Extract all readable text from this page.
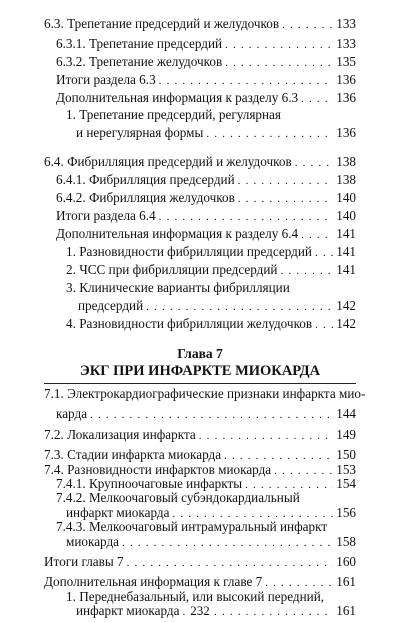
6.3. Трепетание предсердий и желудочков . . .	133
6.3.1. Трепетание предсердий . . .	133
6.3.2. Трепетание желудочков . . .	135
Итоги раздела 6.3 . . .	136
Дополнительная информация к разделу 6.3 . . .	136
1. Трепетание предсердий, регулярная
и нерегулярная формы . . .	136
6.4. Фибрилляция предсердий и желудочков . . .	138
6.4.1. Фибрилляция предсердий . . .	138
6.4.2. Фибрилляция желудочков . . .	140
Итоги раздела 6.4 . . .	140
Дополнительная информация к разделу 6.4 . . .	141
1. Разновидности фибрилляции предсердий . . . 141
2. ЧСС при фибрилляции предсердий . . .	141
3. Клинические варианты фибрилляции
предсердий . . .	142
4. Разновидности фибрилляции желудочков . . . 142
Глава 7
ЭКГ ПРИ ИНФАРКТЕ МИОКАРДА
7.1. Электрокардиографические признаки инфаркта мио-
карда . . .	144
7.2. Локализация инфаркта . . .	149
7.3. Стадии инфаркта миокарда . . .	150
7.4. Разновидности инфарктов миокарда . . .	153
7.4.1. Крупноочаговые инфаркты . . .	154
7.4.2. Мелкоочаговый субэндокардиальный
инфаркт миокарда . . .	156
7.4.3. Мелкоочаговый интрамуральный инфаркт
миокарда . . .	158
Итоги главы 7 . . .	160
Дополнительная информация к главе 7 . . .	161
1. Переднебазальный, или высокий передний,
инфаркт миокарда . . .	161
232
